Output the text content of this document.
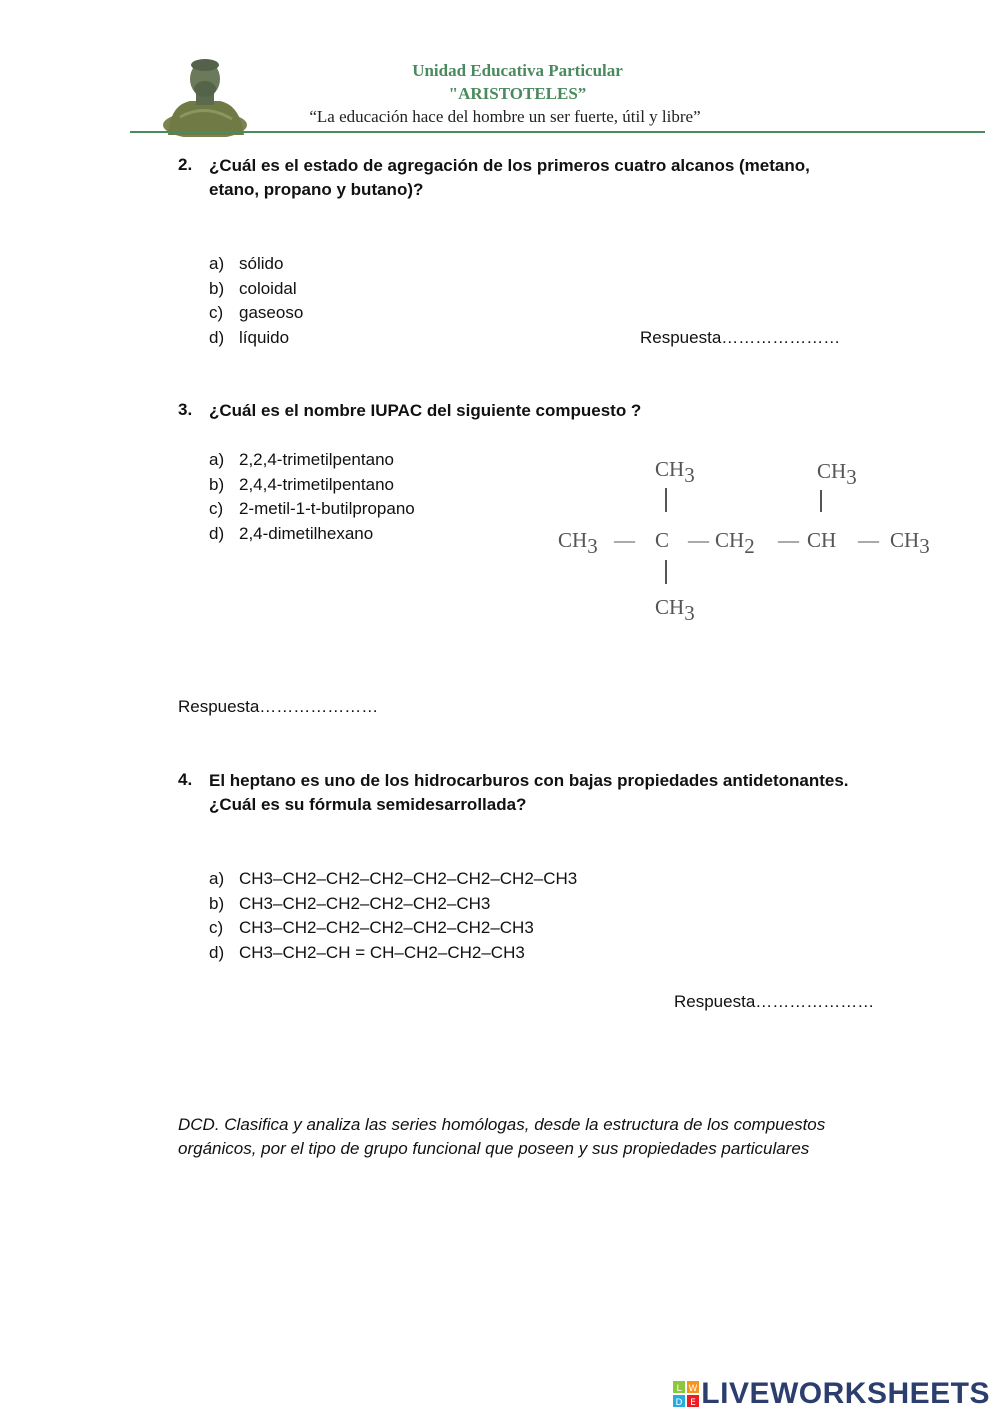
Unidad Educativa Particular
"ARISTOTELES”
“La educación hace del hombre un ser fuerte, útil y libre”
2. ¿Cuál es el estado de agregación de los primeros cuatro alcanos (metano, etano, propano y butano)?
a) sólido
b) coloidal
c) gaseoso
d) líquido	Respuesta…………………
3. ¿Cuál es el nombre IUPAC del siguiente compuesto ?
a) 2,2,4-trimetilpentano
b) 2,4,4-trimetilpentano
c) 2-metil-1-t-butilpropano
d) 2,4-dimetilhexano
CH3	CH3
CH3 — C — CH2 — CH — CH3
CH3
Respuesta…………………
4. El heptano es uno de los hidrocarburos con bajas propiedades antidetonantes. ¿Cuál es su fórmula semidesarrollada?
a) CH3–CH2–CH2–CH2–CH2–CH2–CH2–CH3
b) CH3–CH2–CH2–CH2–CH2–CH3
c) CH3–CH2–CH2–CH2–CH2–CH2–CH3
d) CH3–CH2–CH = CH–CH2–CH2–CH3
Respuesta…………………
DCD. Clasifica y analiza las series homólogas, desde la estructura de los compuestos orgánicos, por el tipo de grupo funcional que poseen y sus propiedades particulares
L W
D E LIVEWORKSHEETS
